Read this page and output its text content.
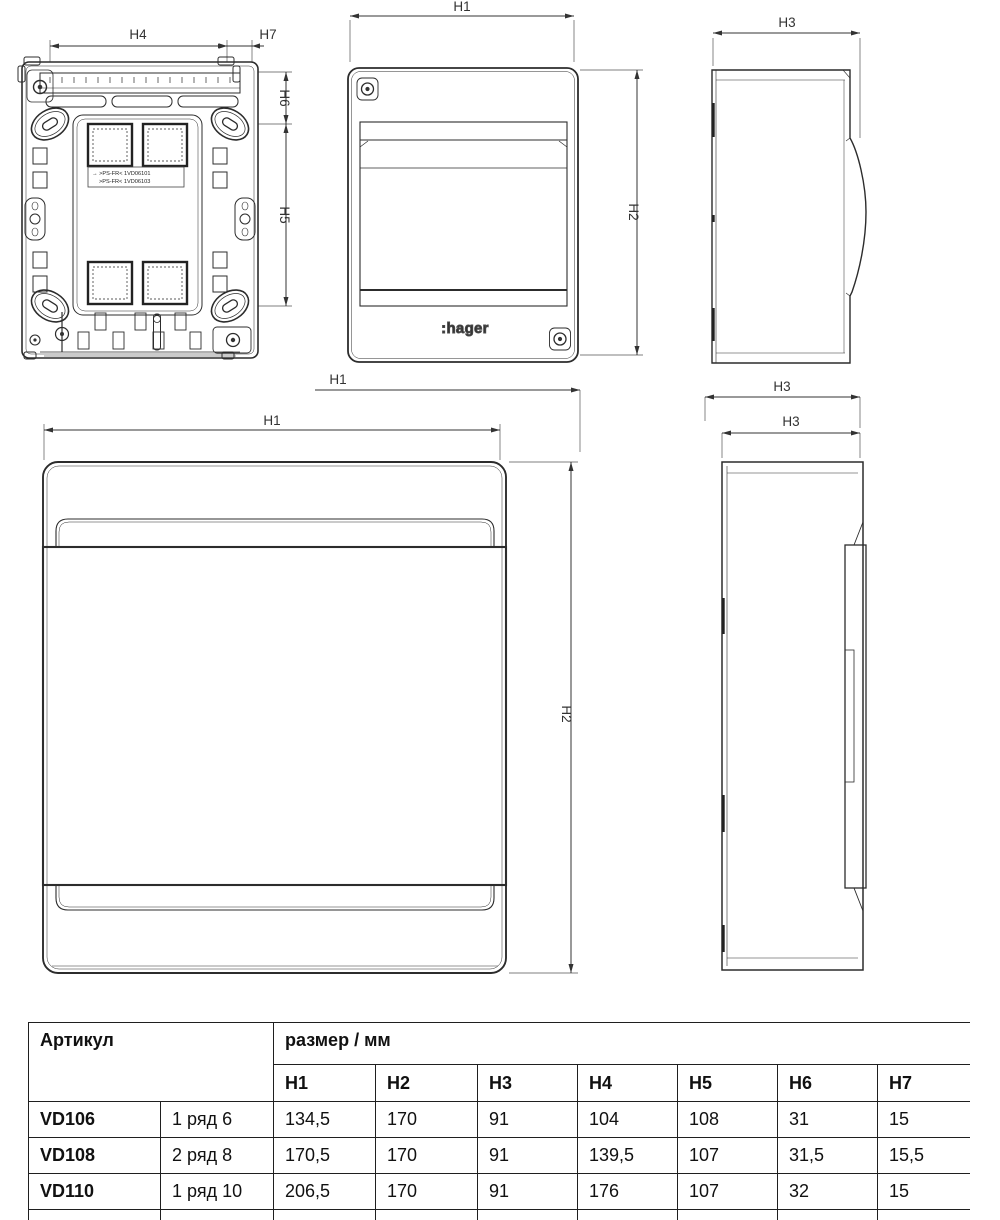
H4	H7
H6
H5
→ >PS-FR< 1VD06101
>PS-FR< 1VD06103
H1
H2
:hager
H3
H1
H1
H2
H3
H3
Артикул		размер / мм						
		H1	H2	H3	H4	H5	H6	H7
VD106	1 ряд 6	134,5	170	91	104	108	31	15
VD108	2 ряд 8	170,5	170	91	139,5	107	31,5	15,5
VD110	1 ряд 10	206,5	170	91	176	107	32	15
